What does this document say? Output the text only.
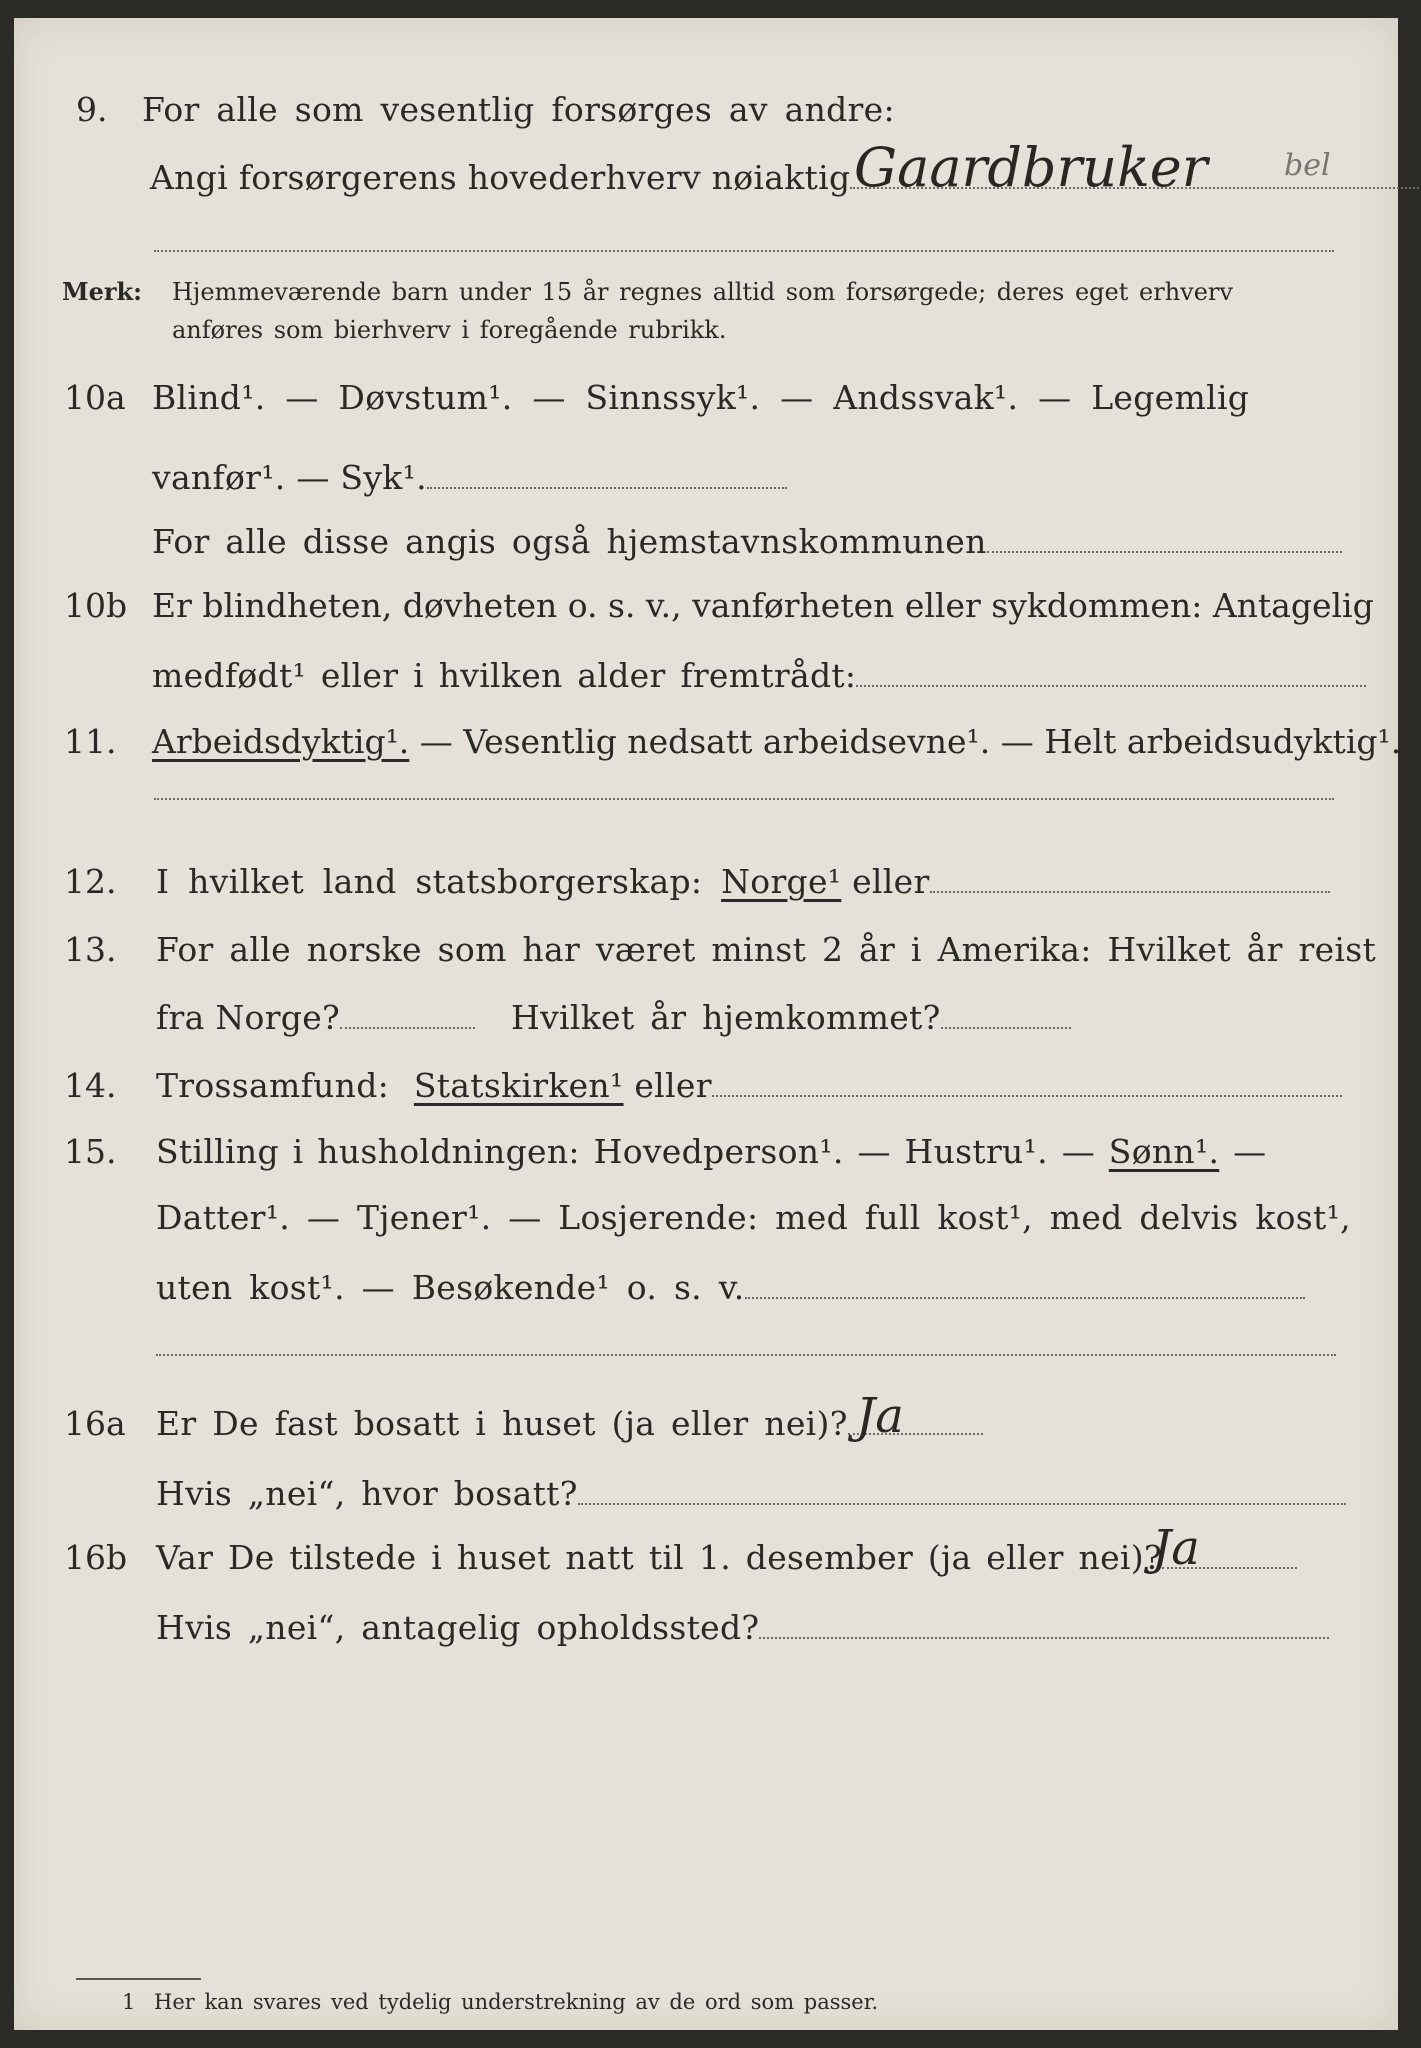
9. For alle som vesentlig forsørges av andre:
Angi forsørgerens hovederhverv nøiaktig Gaardbruker	bel
Merk: Hjemmeværende barn under 15 år regnes alltid som forsørgede; deres eget erhverv
anføres som bierhverv i foregående rubrikk.
10a Blind¹. — Døvstum¹. — Sinnssyk¹. — Andssvak¹. — Legemlig
vanfør¹. — Syk¹.
For alle disse angis også hjemstavnskommunen
10b Er blindheten, døvheten o. s. v., vanførheten eller sykdommen: Antagelig
medfødt¹ eller i hvilken alder fremtrådt:
11. Arbeidsdyktig¹. — Vesentlig nedsatt arbeidsevne¹. — Helt arbeidsudyktig¹.
12. I hvilket land statsborgerskap: Norge¹ eller
13. For alle norske som har været minst 2 år i Amerika: Hvilket år reist
fra Norge?	Hvilket år hjemkommet?
14. Trossamfund: Statskirken¹ eller
15. Stilling i husholdningen: Hovedperson¹. — Hustru¹. — Sønn¹. —
Datter¹. — Tjener¹. — Losjerende: med full kost¹, med delvis kost¹,
uten kost¹. — Besøkende¹ o. s. v.
16a Er De fast bosatt i huset (ja eller nei)? Ja
Hvis „nei“, hvor bosatt?
16b Var De tilstede i huset natt til 1. desember (ja eller nei)?
Ja
Hvis „nei“, antagelig opholdssted?
1 Her kan svares ved tydelig understrekning av de ord som passer.
